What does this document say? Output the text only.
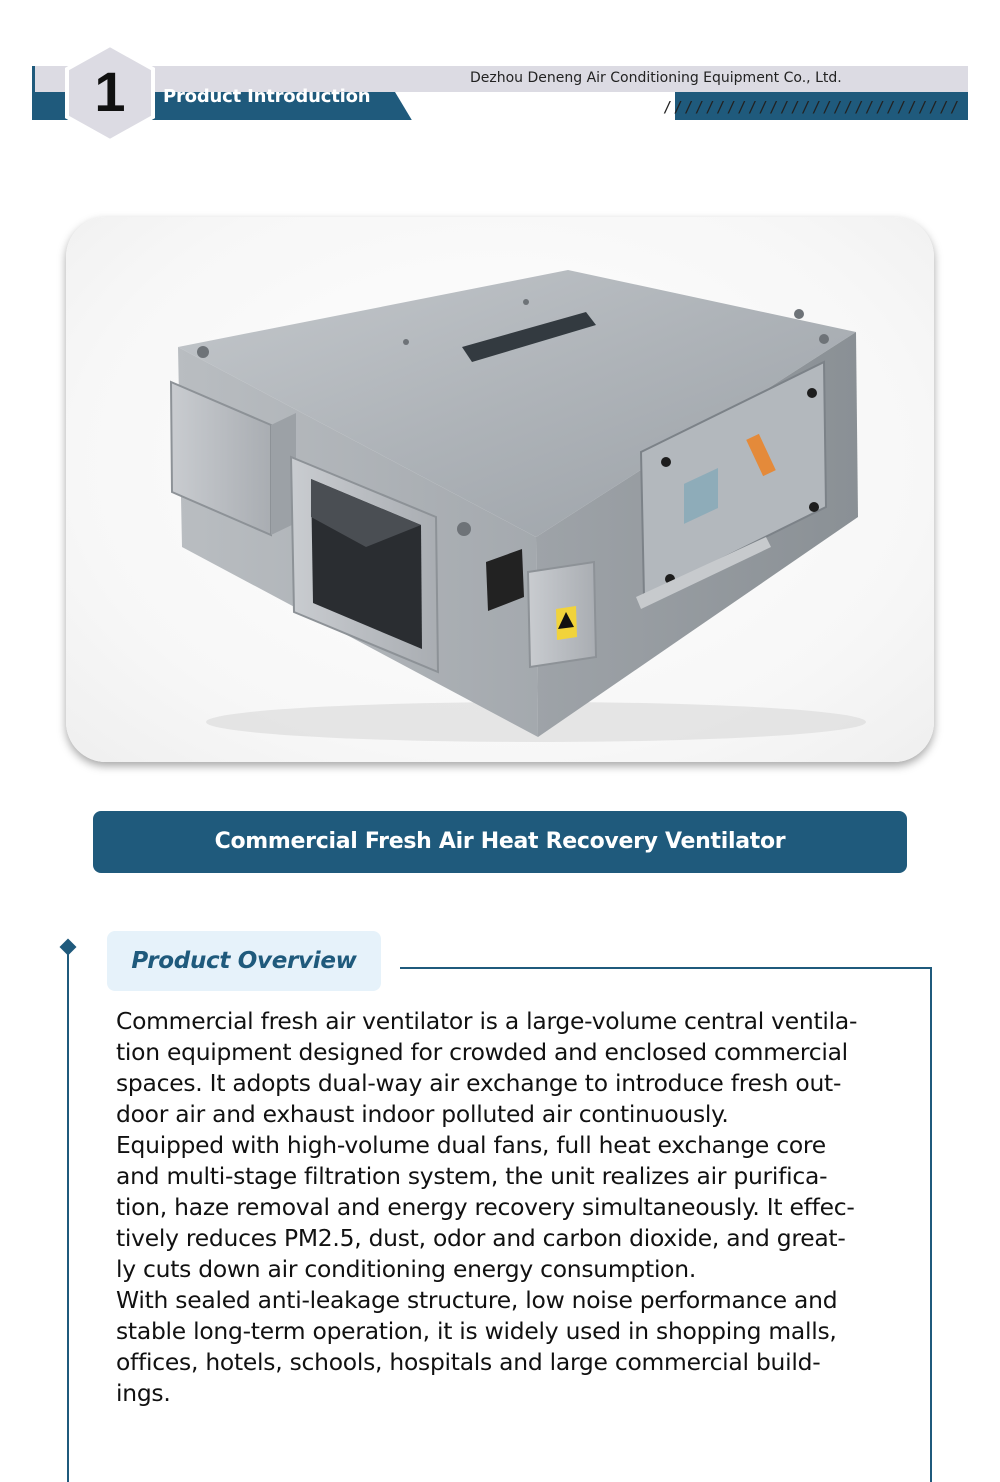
Dezhou Deneng Air Conditioning Equipment Co., Ltd.
////////////////////////////
Product Introduction
1
Commercial Fresh Air Heat Recovery Ventilator
Product Overview

Commercial fresh air ventilator is a large-volume central ventila-

tion equipment designed for crowded and enclosed commercial

spaces. It adopts dual-way air exchange to introduce fresh out-

door air and exhaust indoor polluted air continuously.

Equipped with high-volume dual fans, full heat exchange core

and multi-stage filtration system, the unit realizes air purifica-

tion, haze removal and energy recovery simultaneously. It effec-

tively reduces PM2.5, dust, odor and carbon dioxide, and great-

ly cuts down air conditioning energy consumption.

With sealed anti-leakage structure, low noise performance and

stable long-term operation, it is widely used in shopping malls,

offices, hotels, schools, hospitals and large commercial build-

ings.
